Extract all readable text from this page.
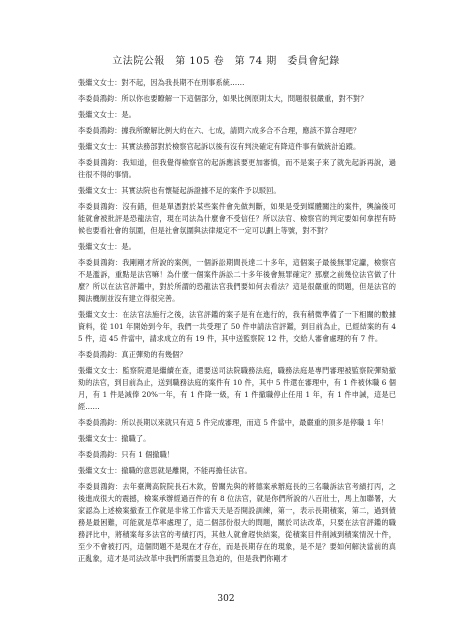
立法院公報　第 105 卷　第 74 期　委員會紀錄

張繼文女士：對不起，因為我長期不在刑事系統……

李委員鴻鈞：所以你也要瞭解一下這個部分，如果比例原則太大，問題很很嚴重，對不對？

張繼文女士：是。

李委員鴻鈞：據我所瞭解比例大約在六、七成，請問六成多合不合理，應該不算合理吧？

張繼文女士：其實法務部對於檢察官起訴以後有沒有判決確定有降這件事有做統計追蹤。

李委員鴻鈞：我知道，但我覺得檢察官的起訴應該要更加審慎，而不是案子來了就先起訴再說，過往很不得的事情。

張繼文女士：其實法院也有懷疑起訴證據不足的案件予以駁回。

李委員鴻鈞：沒有錯，但是單憑對於某些案件會先做判斷，如果是受到媒體關注的案件，輿論後可能就會被批評是恐龍法官，現在司法為什麼會不受信任？所以法官、檢察官的判定要如何拿捏有時候也要看社會的氛圍，但是社會氛圍與法律規定不一定可以劃上等號，對不對？

張繼文女士：是。

李委員鴻鈞：我剛剛才所說的案例，一個訴訟期間長達二十多年，這個案子最後無罪定讞，檢察官不是濫訴，重點是法官嘛！為什麼一個案件訴訟二十多年後會無罪確定？那麼之前幾位法官做了什麼？所以在法官評鑑中，對於所謂的恐龍法官我們要如何去看法？這是很嚴重的問題，但是法官的獨法機制並沒有建立得很完善。

張繼文女士：在法官法施行之後，法官評鑑的案子是有在進行的，我有稍微準備了一下相關的數據資料，從 101 年開始到今年，我們一共受理了 50 件申請法官評鑑，到目前為止，已經結案的有 45 件，這 45 件當中，請求成立的有 19 件，其中送監察院 12 件，交給人審會處理的有 7 件。

李委員鴻鈞：真正彈劾的有幾個？

張繼文女士：監察院還是繼續在查，還要送司法院職務法庭，職務法庭是專門審理被監察院彈劾撤劾的法官，到目前為止，送到職務法庭的案件有 10 件，其中 5 件還在審理中，有 1 件被休職 6 個月，有 1 件是減俸 20%一年，有 1 件降一級，有 1 件撤職停止任用 1 年，有 1 件申誡，這是已經……

李委員鴻鈞：所以長期以來就只有這 5 件完成審理，而這 5 件當中，最嚴重的頂多是停職 1 年！

張繼文女士：撤職了。

李委員鴻鈞：只有 1 個撤職！

張繼文女士：撤職的意思就是離開，不能再擔任法官。

李委員鴻鈞：去年臺灣高院院長石木欽，曾關先與的將德案承辦庭長的三名職訴法官考績打丙，之後進成很大的震撼，檢案承辦經過百件的有 8 位法官，就是你們所說的八百壯士，馬上加聯署，大家認為上述檢案撤查工作就是非常工作當天天是否開設訓練，第一，表示長期積案，第二，過到債務是最困難，可能就是草率處理了，這二個部份很大的問題，關於司法改革，只要在法官評鑑的職務評比中，將積案每多法官的考績打丙，其他人就會趕快結案，從積案目件削減到積案情況十件，至少不會被打丙，這個問題不是現在才存在，而是長期存在的現象，是不是？要如何解決當前的真正亂象，這才是司法改革中我們所需要且急迫的，但是我們你剛才

302
